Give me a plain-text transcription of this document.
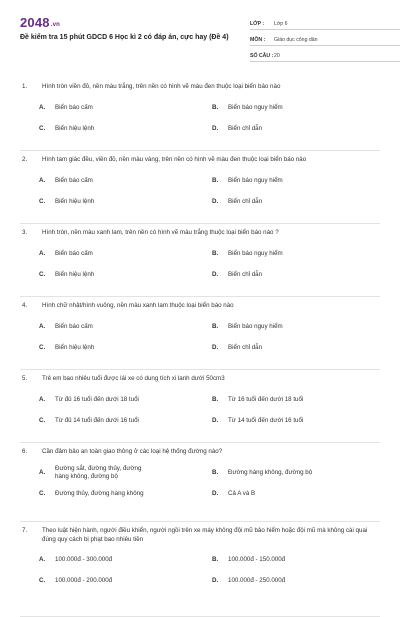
2048.vn
Đề kiểm tra 15 phút GDCD 6 Học kì 2 có đáp án, cực hay (Đề 4)
LỚP :	Lớp 6
MÔN :	Giáo dục công dân
SỐ CÂU : 20
1. Hình tròn viền đỏ, nền màu trắng, trên nền có hình vẽ màu đen thuộc loại biển báo nào
A.	Biển báo cấm	B.	Biển báo nguy hiểm
C.	Biển hiệu lệnh	D.	Biển chỉ dẫn
2. Hình tam giác đều, viền đỏ, nền màu vàng, trên nền có hình vẽ màu đen thuộc loại biển báo nào
A.	Biển báo cấm	B.	Biển báo nguy hiểm
C.	Biển hiệu lệnh	D.	Biển chỉ dẫn
3. Hình tròn, nền màu xanh lam, trên nền có hình vẽ màu trắng thuộc loại biển báo nào ?
A.	Biển báo cấm	B.	Biển báo nguy hiểm
C.	Biển hiệu lệnh	D.	Biển chỉ dẫn
4. Hình chữ nhật/hình vuông, nền màu xanh lam thuộc loại biển báo nào
A.	Biển báo cấm	B.	Biển báo nguy hiểm
C.	Biển hiệu lệnh	D.	Biển chỉ dẫn
5. Trẻ em bao nhiêu tuổi được lái xe có dung tích xi lanh dưới 50cm3
A.	Từ đủ 16 tuổi đến dưới 18 tuổi	B.	Từ 16 tuổi đến dưới 18 tuổi
C.	Từ đủ 14 tuổi đến dưới 16 tuổi	D.	Từ 14 tuổi đến dưới 16 tuổi
6. Cần đảm bảo an toàn giao thông ở các loại hệ thống đường nào?
A.
Đường sắt, đường thủy, đường hàng không, đường bộ
B.	Đường hàng không, đường bộ
C.	Đường thủy, đường hàng không	D.	Cả A và B
7. Theo luật hiện hành, người điều khiển, người ngồi trên xe máy không đội mũ bảo hiểm hoặc đội mũ mà không cài quai đúng quy cách bị phạt bao nhiêu tiền
A.	100.000đ - 300.000đ	B.	100.000đ - 150.000đ
C.	100.000đ - 200.000đ	D.	100.000đ - 250.000đ
